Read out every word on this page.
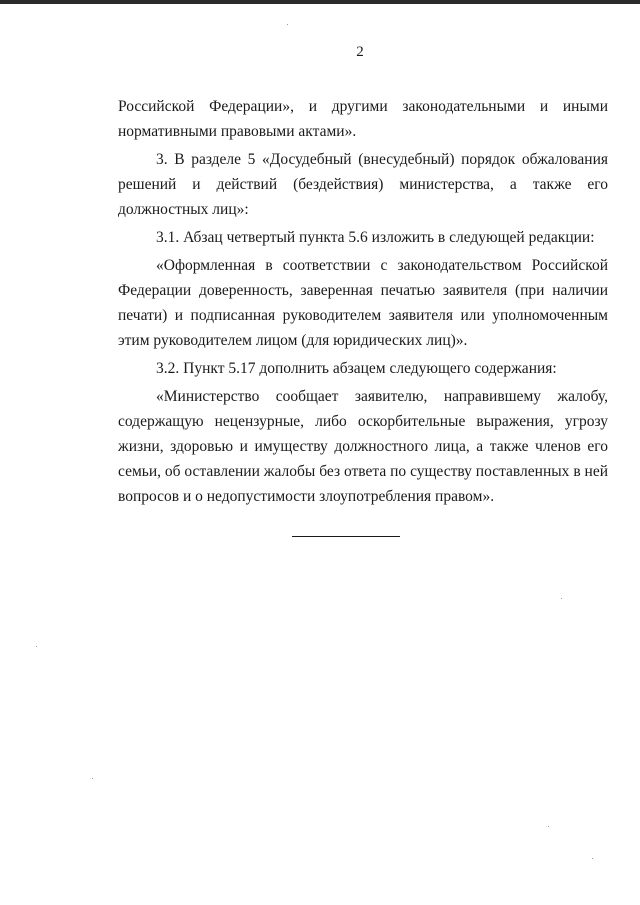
2

Российской Федерации», и другими законодательными и иными нормативными правовыми актами».

3. В разделе 5 «Досудебный (внесудебный) порядок обжалования решений и действий (бездействия) министерства, а также его должностных лиц»:

3.1. Абзац четвертый пункта 5.6 изложить в следующей редакции:

«Оформленная в соответствии с законодательством Российской Федерации доверенность, заверенная печатью заявителя (при наличии печати) и подписанная руководителем заявителя или уполномоченным этим руководителем лицом (для юридических лиц)».

3.2. Пункт 5.17 дополнить абзацем следующего содержания:

«Министерство сообщает заявителю, направившему жалобу, содержащую нецензурные, либо оскорбительные выражения, угрозу жизни, здоровью и имуществу должностного лица, а также членов его семьи, об оставлении жалобы без ответа по существу поставленных в ней вопросов и о недопустимости злоупотребления правом».
